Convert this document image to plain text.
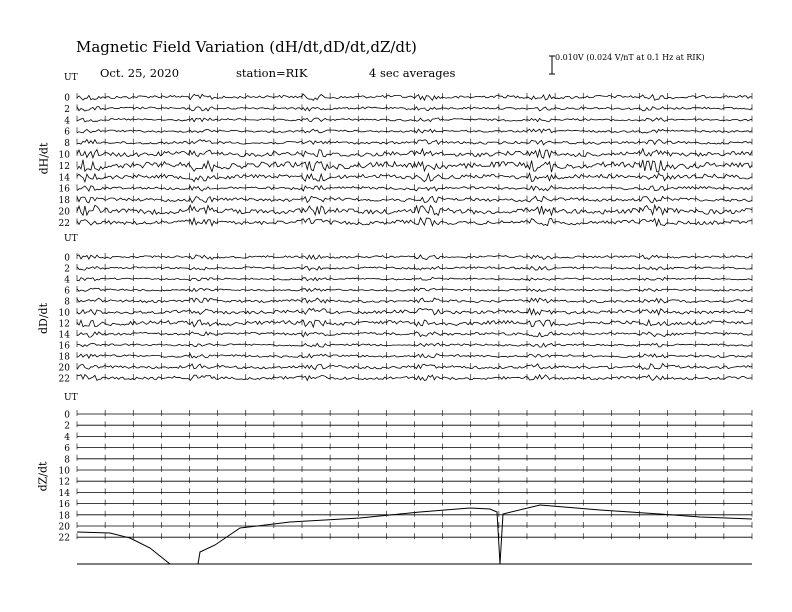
0
2
4
6
8
10
12
14
16
18
20
22
0
2
4
6
8
10
12
14
16
18
20
22
0
2
4
6
8
10
12
14
16
18
20
22
Magnetic Field Variation (dH/dt,dD/dt,dZ/dt)
Oct. 25, 2020	station=RIK	4 sec averages
0.010V (0.024 V/nT at 0.1 Hz at RIK)
UT
UT
UT
dH/dt
dD/dt
dZ/dt
